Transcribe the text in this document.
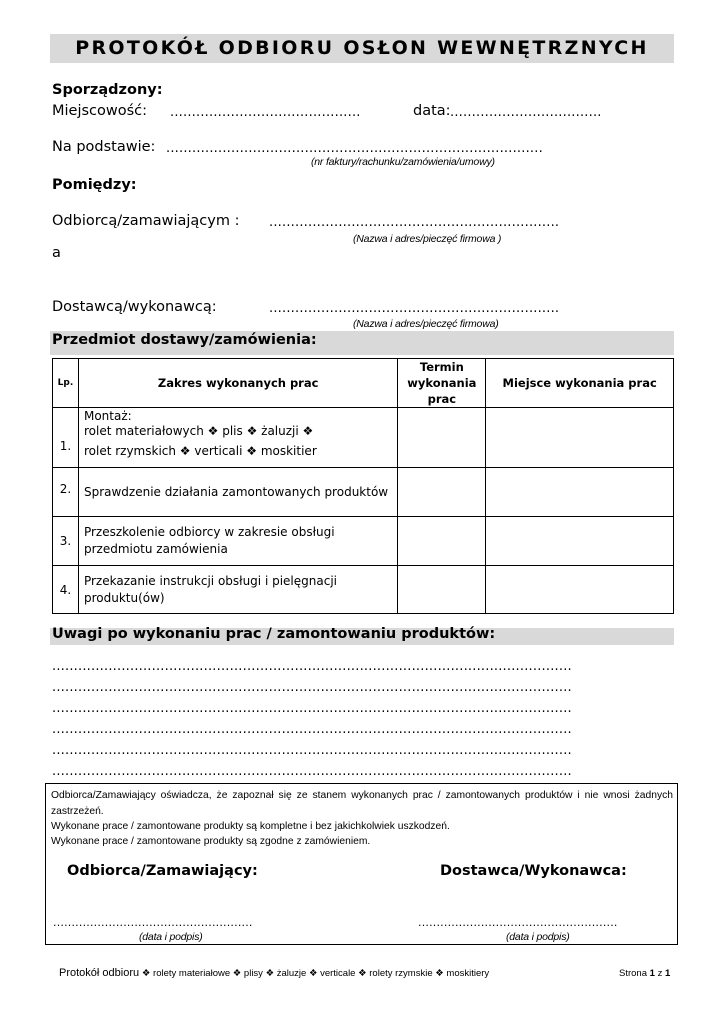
PROTOKÓŁ ODBIORU OSŁON WEWNĘTRZNYCH
Sporządzony:
Miejscowość: ............................................	data: ...................................
Na podstawie: .......................................................................................
(nr faktury/rachunku/zamówienia/umowy)
Pomiędzy:
Odbiorcą/zamawiającym : ...................................................................
(Nazwa i adres/pieczęć firmowa )
a
Dostawcą/wykonawcą:	...................................................................
(Nazwa i adres/pieczęć firmowa)
Przedmiot dostawy/zamówienia:
Lp.	Zakres wykonanych prac	Termin wykonania prac	Miejsce wykonania prac
1.	Montaż:
rolet materiałowych ❖ plis ❖ żaluzji ❖
rolet rzymskich ❖ verticali ❖ moskitier		

2.	Sprawdzenie działania zamontowanych produktów		
3.	Przeszkolenie odbiorcy w zakresie obsługi przedmiotu zamówienia		
4.	Przekazanie instrukcji obsługi i pielęgnacji produktu(ów)		
Uwagi po wykonaniu prac / zamontowaniu produktów:
........................................................................................................................
........................................................................................................................
........................................................................................................................
........................................................................................................................
........................................................................................................................
........................................................................................................................
Odbiorca/Zamawiający oświadcza, że zapoznał się ze stanem wykonanych prac / zamontowanych produktów i nie wnosi żadnych zastrzeżeń.
Wykonane prace / zamontowane produkty są kompletne i bez jakichkolwiek uszkodzeń.
Wykonane prace / zamontowane produkty są zgodne z zamówieniem.
Odbiorca/Zamawiający:	Dostawca/Wykonawca:
......................................................	......................................................
(data i podpis)	(data i podpis)
Protokół odbioru ❖ rolety materiałowe ❖ plisy ❖ żaluzje ❖ verticale ❖ rolety rzymskie ❖ moskitiery	Strona 1 z 1
